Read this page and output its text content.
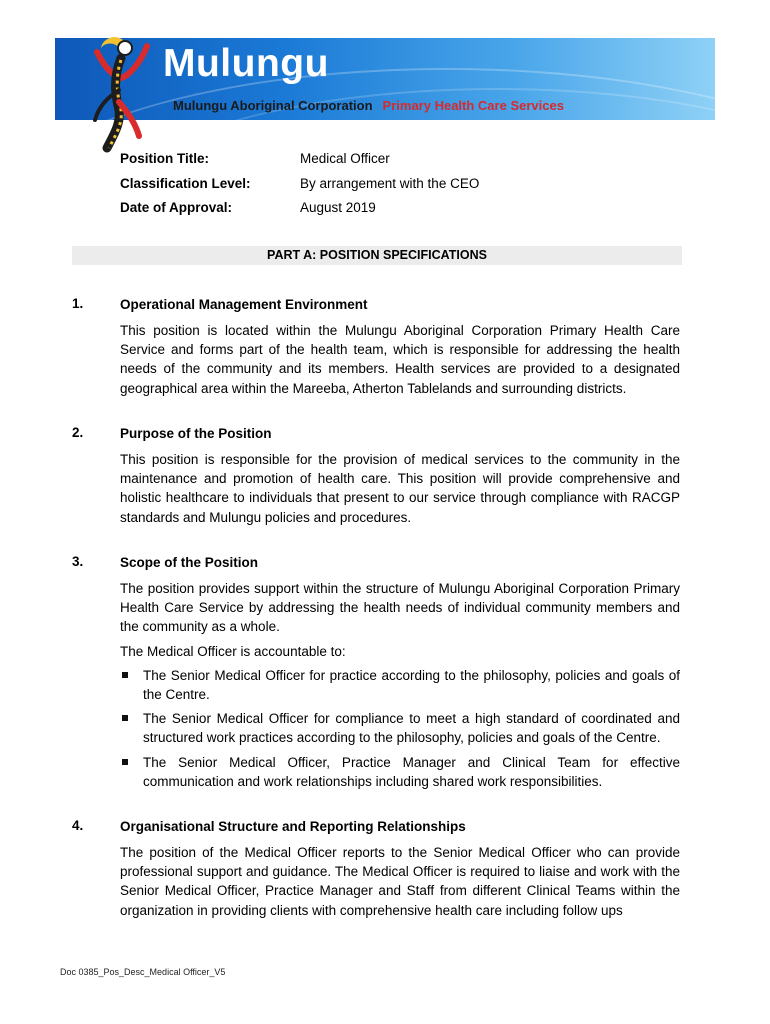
Mulungu
Mulungu Aboriginal Corporation Primary Health Care Services
Position Title:	Medical Officer
Classification Level:	By arrangement with the CEO
Date of Approval:	August 2019
PART A: POSITION SPECIFICATIONS
1.	Operational Management Environment

This position is located within the Mulungu Aboriginal Corporation Primary Health Care Service and forms part of the health team, which is responsible for addressing the health needs of the community and its members. Health services are provided to a designated geographical area within the Mareeba, Atherton Tablelands and surrounding districts.

2.	Purpose of the Position

This position is responsible for the provision of medical services to the community in the maintenance and promotion of health care. This position will provide comprehensive and holistic healthcare to individuals that present to our service through compliance with RACGP standards and Mulungu policies and procedures.

3.	Scope of the Position

The position provides support within the structure of Mulungu Aboriginal Corporation Primary Health Care Service by addressing the health needs of individual community members and the community as a whole.

The Medical Officer is accountable to:

The Senior Medical Officer for practice according to the philosophy, policies and goals of the Centre.
The Senior Medical Officer for compliance to meet a high standard of coordinated and structured work practices according to the philosophy, policies and goals of the Centre.
The Senior Medical Officer, Practice Manager and Clinical Team for effective communication and work relationships including shared work responsibilities.
4.	Organisational Structure and Reporting Relationships

The position of the Medical Officer reports to the Senior Medical Officer who can provide professional support and guidance. The Medical Officer is required to liaise and work with the Senior Medical Officer, Practice Manager and Staff from different Clinical Teams within the organization in providing clients with comprehensive health care including follow ups

Doc 0385_Pos_Desc_Medical Officer_V5
